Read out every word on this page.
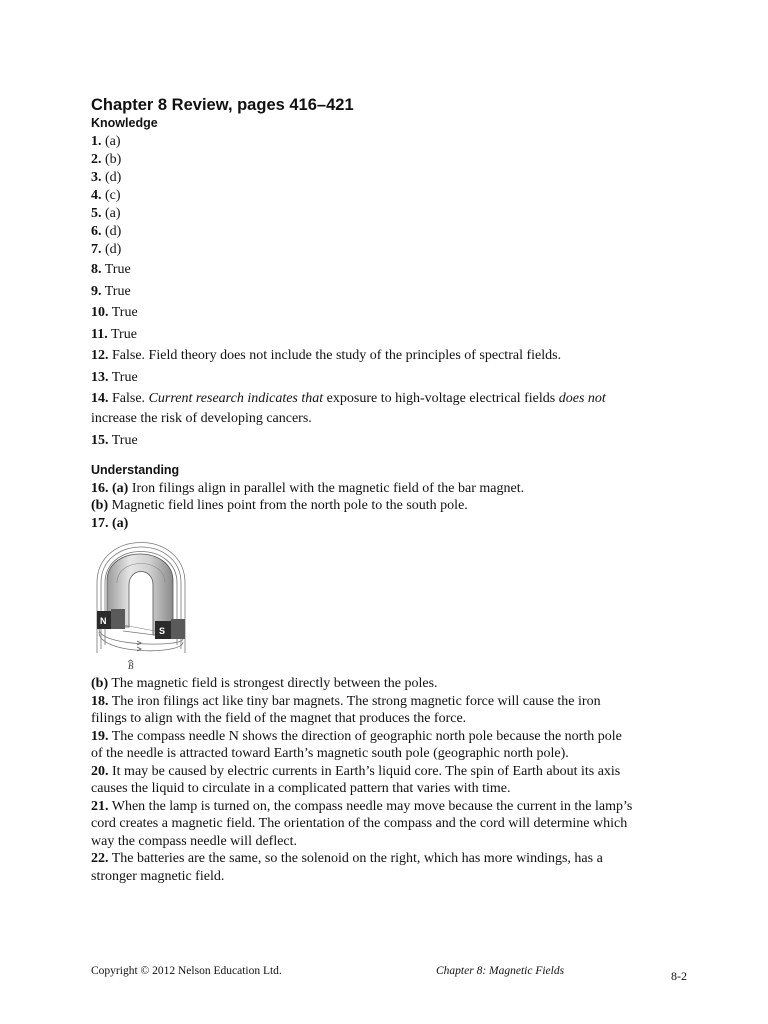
Chapter 8 Review, pages 416–421
Knowledge

1. (a)

2. (b)

3. (d)

4. (c)

5. (a)

6. (d)

7. (d)

8. True

9. True

10. True

11. True

12. False. Field theory does not include the study of the principles of spectral fields.

13. True

14. False. Current research indicates that exposure to high-voltage electrical fields does not

increase the risk of developing cancers.

15. True

Understanding

16. (a) Iron filings align in parallel with the magnetic field of the bar magnet.

(b) Magnetic field lines point from the north pole to the south pole.

17. (a)

N
S
B

(b) The magnetic field is strongest directly between the poles.

18. The iron filings act like tiny bar magnets. The strong magnetic force will cause the iron

filings to align with the field of the magnet that produces the force.

19. The compass needle N shows the direction of geographic north pole because the north pole

of the needle is attracted toward Earth’s magnetic south pole (geographic north pole).

20. It may be caused by electric currents in Earth’s liquid core. The spin of Earth about its axis

causes the liquid to circulate in a complicated pattern that varies with time.

21. When the lamp is turned on, the compass needle may move because the current in the lamp’s

cord creates a magnetic field. The orientation of the compass and the cord will determine which

way the compass needle will deflect.

22. The batteries are the same, so the solenoid on the right, which has more windings, has a

stronger magnetic field.

Copyright © 2012 Nelson Education Ltd.	Chapter 8: Magnetic Fields	8-2
